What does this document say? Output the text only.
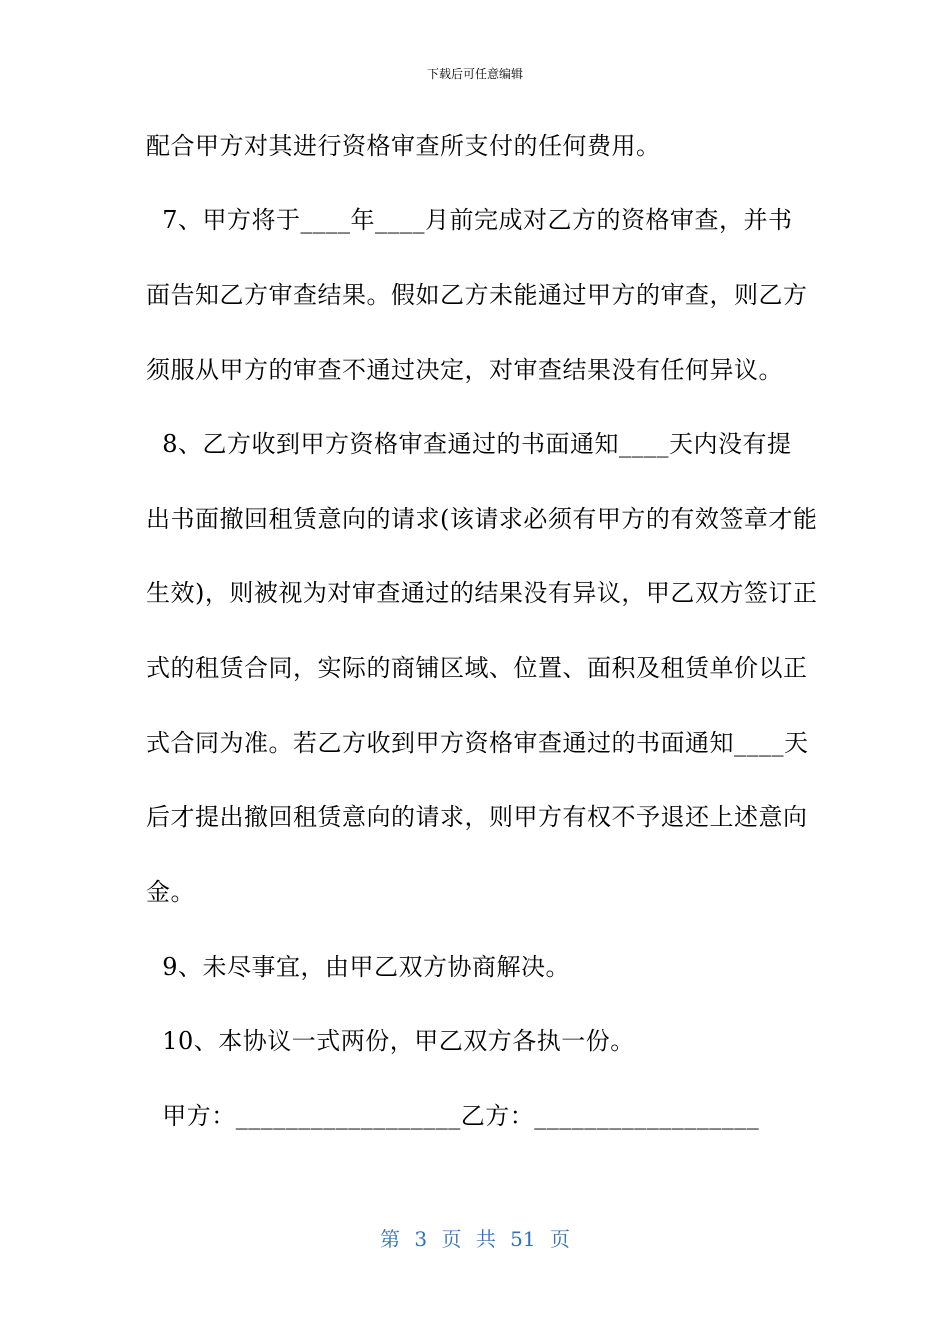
下载后可任意编辑
配合甲方对其进行资格审查所支付的任何费用。
7、甲方将于____年____月前完成对乙方的资格审查，并书
面告知乙方审查结果。假如乙方未能通过甲方的审查，则乙方
须服从甲方的审查不通过决定，对审查结果没有任何异议。
8、乙方收到甲方资格审查通过的书面通知____天内没有提
出书面撤回租赁意向的请求(该请求必须有甲方的有效签章才能
生效)，则被视为对审查通过的结果没有异议，甲乙双方签订正
式的租赁合同，实际的商铺区域、位置、面积及租赁单价以正
式合同为准。若乙方收到甲方资格审查通过的书面通知____天
后才提出撤回租赁意向的请求，则甲方有权不予退还上述意向
金。
9、未尽事宜，由甲乙双方协商解决。
10、本协议一式两份，甲乙双方各执一份。
甲方：__________________乙方：__________________
第 3 页 共 51 页
